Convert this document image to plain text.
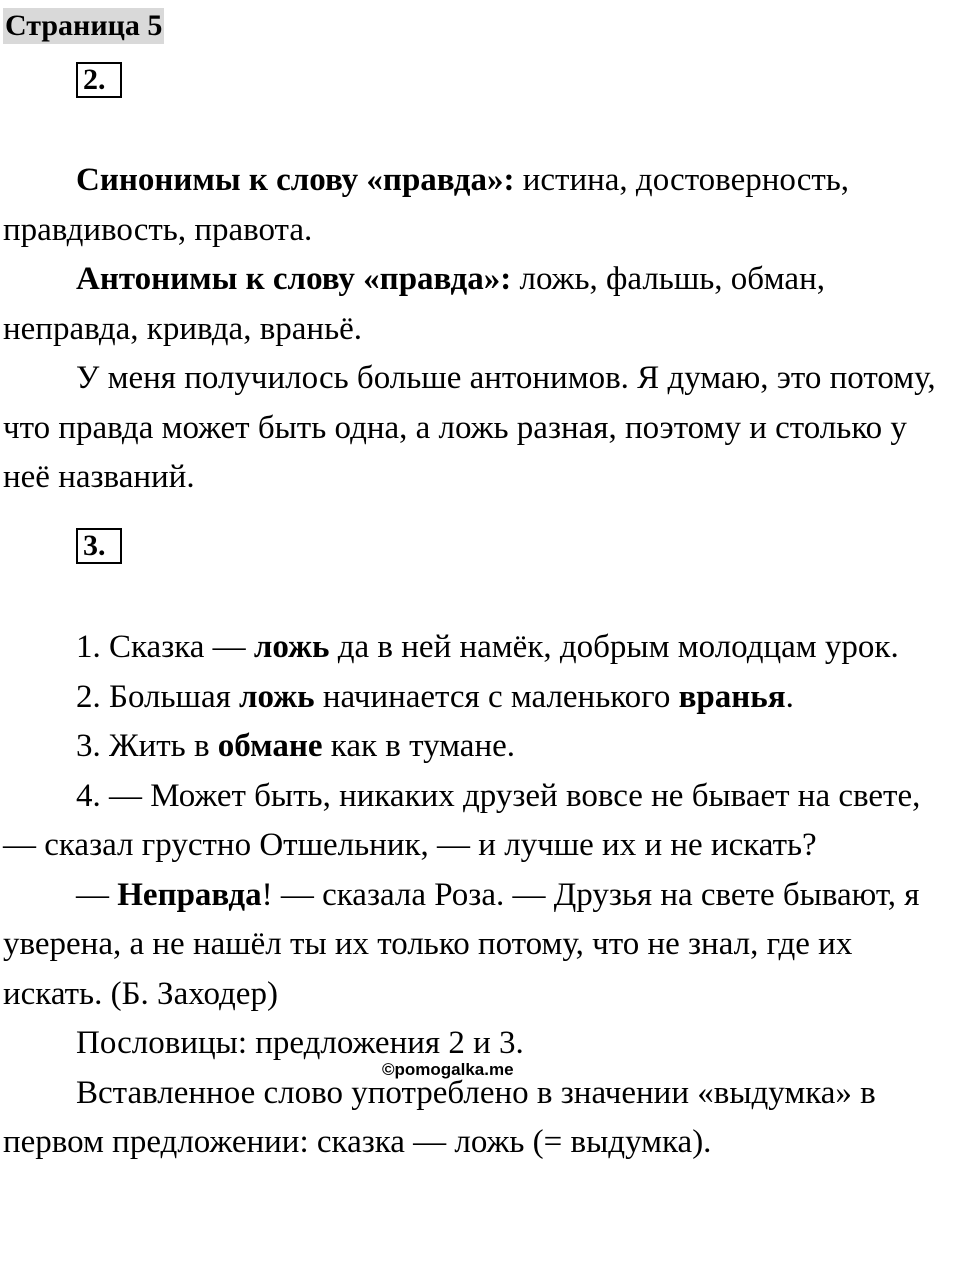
Страница 5
2.

Синонимы к слову «правда»: истина, достоверность, правдивость, правота.

Антонимы к слову «правда»: ложь, фальшь, обман, неправда, кривда, враньё.

У меня получилось больше антонимов. Я думаю, это потому, что правда может быть одна, а ложь разная, поэтому и столько у неё названий.

3.

1. Сказка — ложь да в ней намёк, добрым молодцам урок.

2. Большая ложь начинается с маленького вранья.

3. Жить в обмане как в тумане.

4. — Может быть, никаких друзей вовсе не бывает на свете, — сказал грустно Отшельник, — и лучше их и не искать?

— Неправда! — сказала Роза. — Друзья на свете бывают, я уверена, а не нашёл ты их только потому, что не знал, где их искать. (Б. Заходер)

Пословицы: предложения 2 и 3.

Вставленное слово употреблено в значении «выдумка» в первом предложении: сказка — ложь (= выдумка).

©pomogalka.me
